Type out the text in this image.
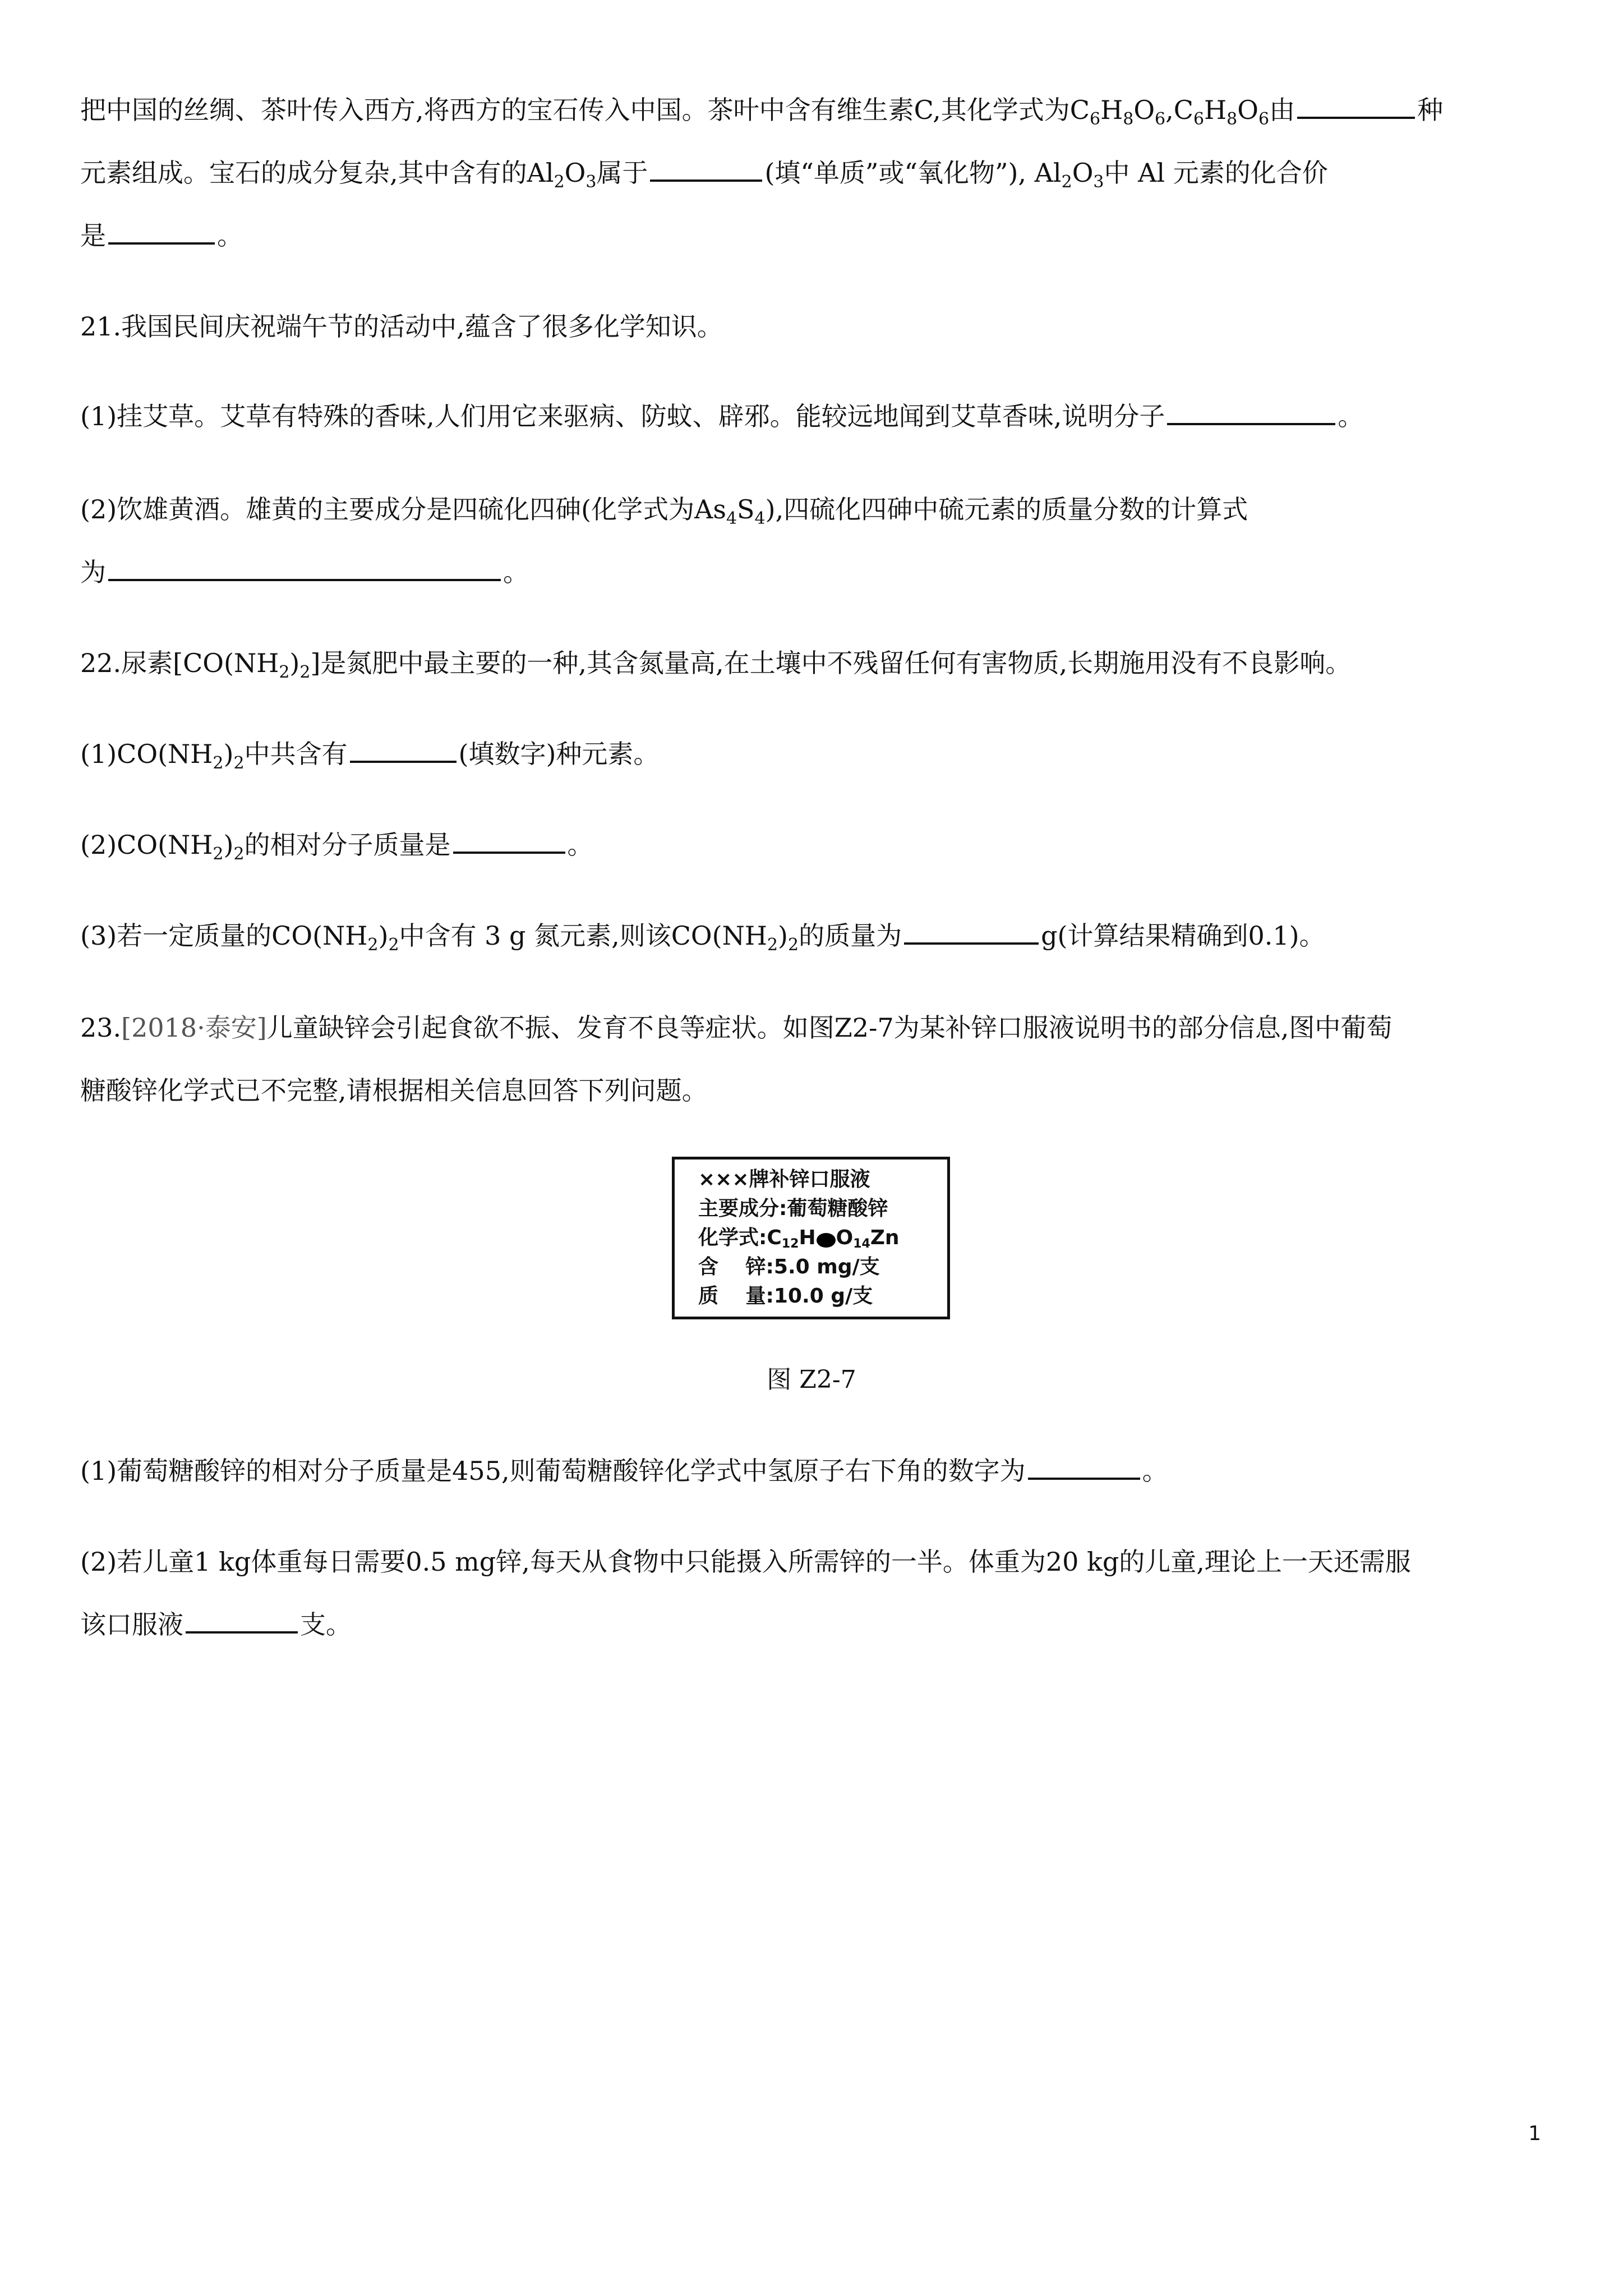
把中国的丝绸、茶叶传入西方,将西方的宝石传入中国。茶叶中含有维生素C,其化学式为$C_6H_8O_6,C_6H_8O_6$由	种
元素组成。宝石的成分复杂,其中含有的$Al_2O_3$属于	(填“单质”或“氧化物”), $Al_2O_3$中 Al 元素的化合价
是	。
21.我国民间庆祝端午节的活动中,蕴含了很多化学知识。
(1)挂艾草。艾草有特殊的香味,人们用它来驱病、防蚊、辟邪。能较远地闻到艾草香味,说明分子	。
(2)饮雄黄酒。雄黄的主要成分是四硫化四砷(化学式为$As_4S_4$),四硫化四砷中硫元素的质量分数的计算式
为	。
22.尿素$[CO(NH_2)_2]$是氮肥中最主要的一种,其含氮量高,在土壤中不残留任何有害物质,长期施用没有不良影响。
$(1)CO(NH_2)_2$中共含有	(填数字)种元素。
$(2)CO(NH_2)_2$的相对分子质量是	。
(3)若一定质量的$CO(NH_2)_2$中含有 3 g 氮元素,则该$CO(NH_2)_2$的质量为	g(计算结果精确到0.1)。
23.[2018·泰安]儿童缺锌会引起食欲不振、发育不良等症状。如图Z2-7为某补锌口服液说明书的部分信息,图中葡萄
糖酸锌化学式已不完整,请根据相关信息回答下列问题。
×××牌补锌口服液
主要成分:葡萄糖酸锌
化学式$:C_{12}H$ $O_{14}Zn$
含　 锌:5.0 mg/支
质　 量:10.0 g/支
图 Z2-7
(1)葡萄糖酸锌的相对分子质量是455,则葡萄糖酸锌化学式中氢原子右下角的数字为	。
(2)若儿童1 kg体重每日需要0.5 mg锌,每天从食物中只能摄入所需锌的一半。体重为20 kg的儿童,理论上一天还需服
该口服液	支。
1
